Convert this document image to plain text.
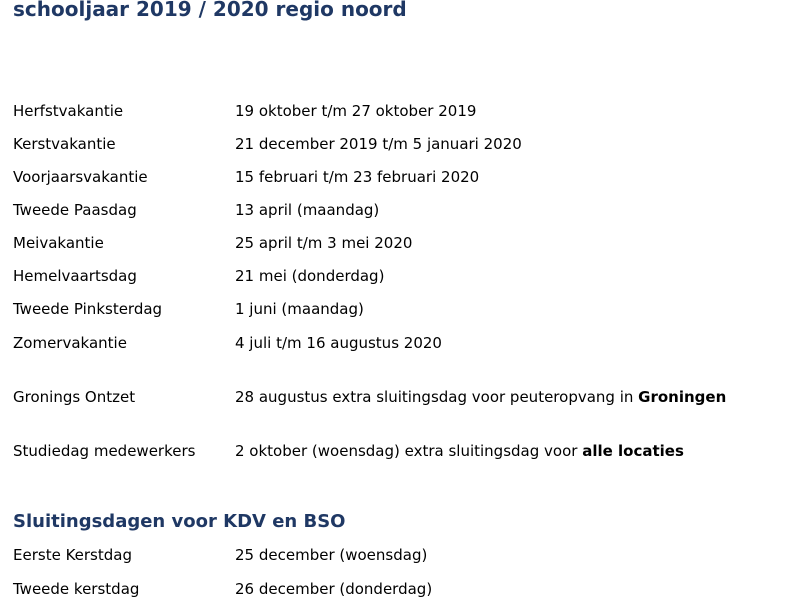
schooljaar 2019 / 2020 regio noord
Herfstvakantie	19 oktober t/m 27 oktober 2019
Kerstvakantie	21 december 2019 t/m 5 januari 2020
Voorjaarsvakantie	15 februari t/m 23 februari 2020
Tweede Paasdag	13 april (maandag)
Meivakantie	25 april t/m 3 mei 2020
Hemelvaartsdag	21 mei (donderdag)
Tweede Pinksterdag	1 juni (maandag)
Zomervakantie	4 juli t/m 16 augustus 2020
Gronings Ontzet	28 augustus extra sluitingsdag voor peuteropvang in Groningen
Studiedag medewerkers	2 oktober (woensdag) extra sluitingsdag voor alle locaties
Sluitingsdagen voor KDV en BSO
Eerste Kerstdag	25 december (woensdag)
Tweede kerstdag	26 december (donderdag)
